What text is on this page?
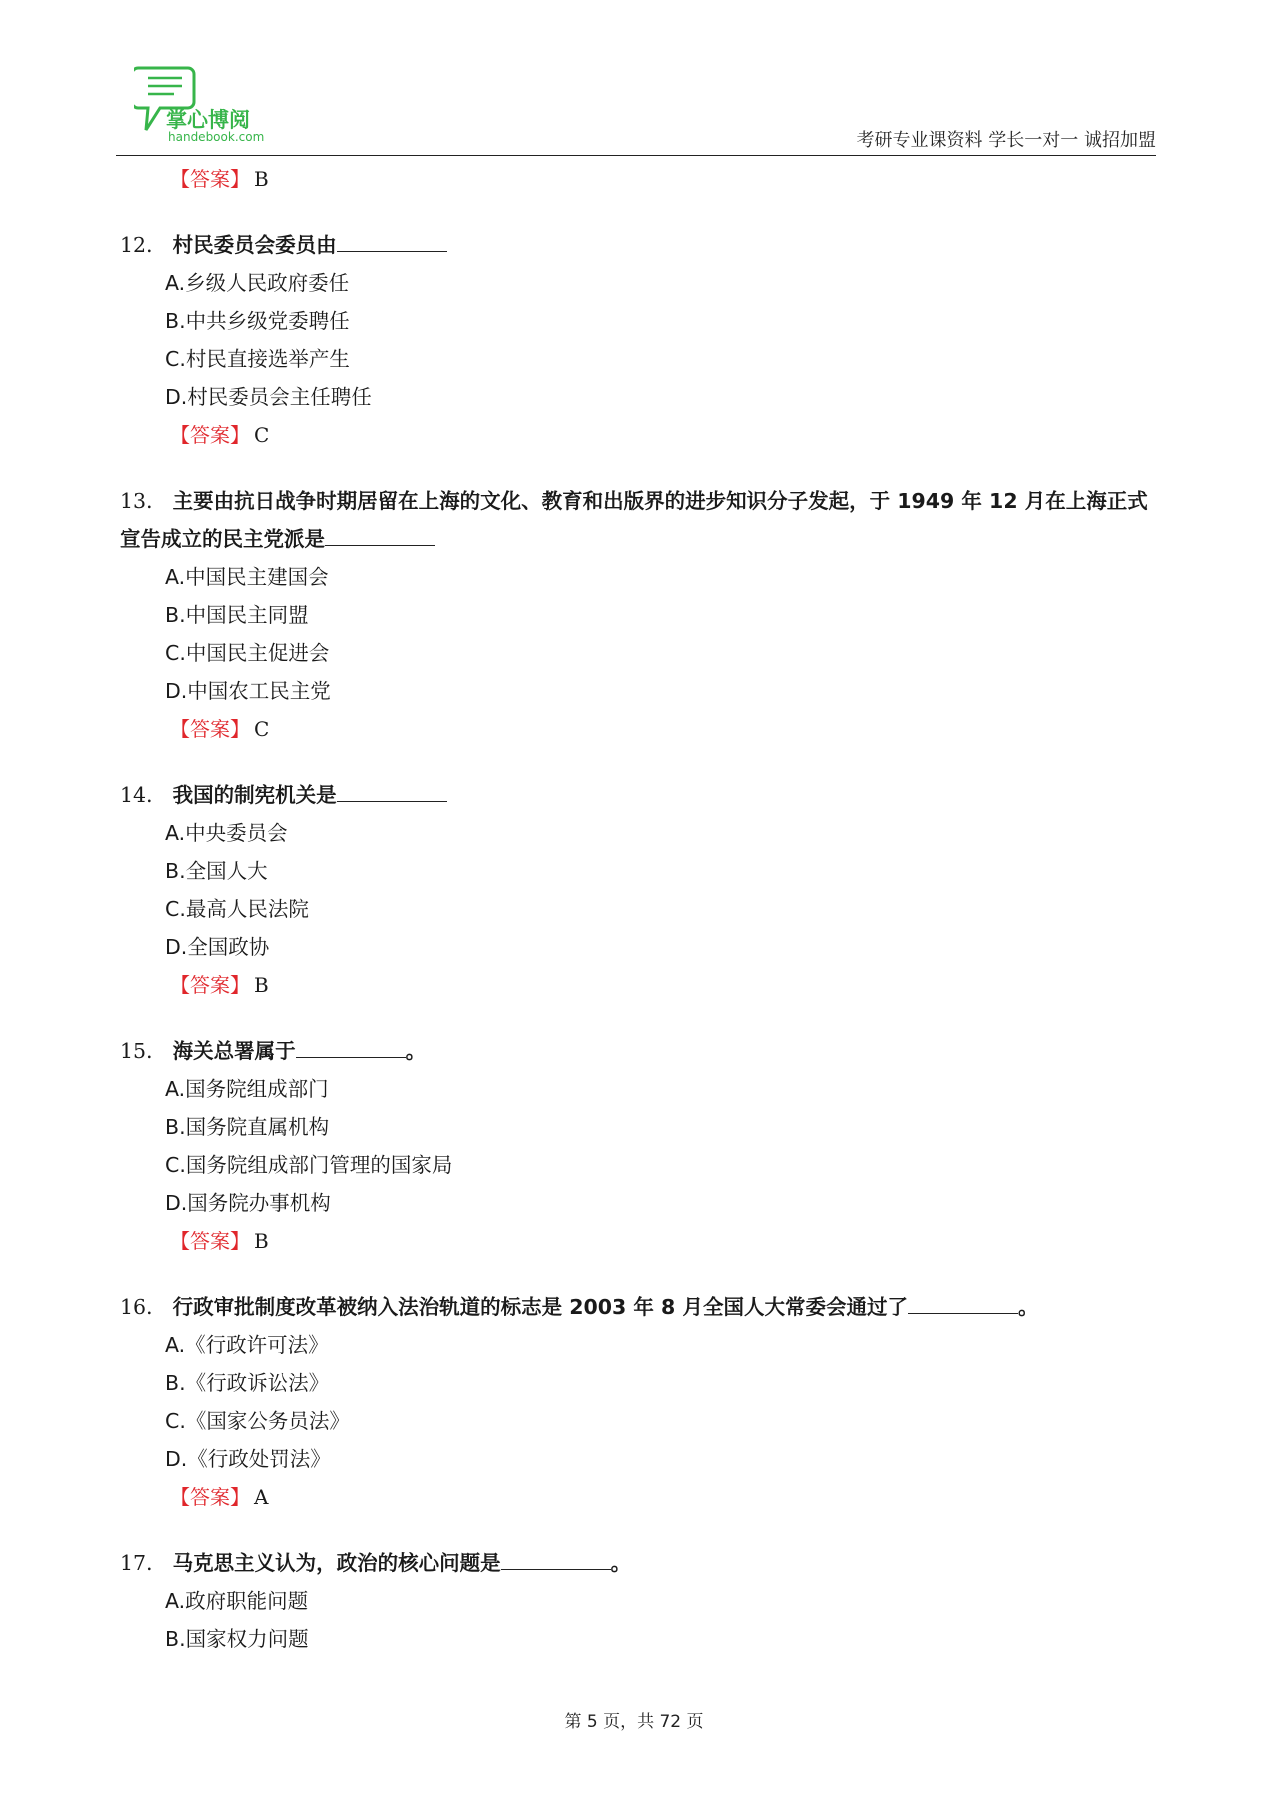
掌心博阅
handebook.com	考研专业课资料 学长一对一 诚招加盟
【答案】 B
12． 村民委员会委员由
A.乡级人民政府委任
B.中共乡级党委聘任
C.村民直接选举产生
D.村民委员会主任聘任
【答案】 C
13． 主要由抗日战争时期居留在上海的文化、教育和出版界的进步知识分子发起，于 1949 年 12 月在上海正式宣告成立的民主党派是
A.中国民主建国会
B.中国民主同盟
C.中国民主促进会
D.中国农工民主党
【答案】 C
14． 我国的制宪机关是
A.中央委员会
B.全国人大
C.最高人民法院
D.全国政协
【答案】 B
15． 海关总署属于	。
A.国务院组成部门
B.国务院直属机构
C.国务院组成部门管理的国家局
D.国务院办事机构
【答案】 B
16． 行政审批制度改革被纳入法治轨道的标志是 2003 年 8 月全国人大常委会通过了	。
A.《行政许可法》
B.《行政诉讼法》
C.《国家公务员法》
D.《行政处罚法》
【答案】 A
17． 马克思主义认为，政治的核心问题是	。
A.政府职能问题
B.国家权力问题
第 5 页，共 72 页
